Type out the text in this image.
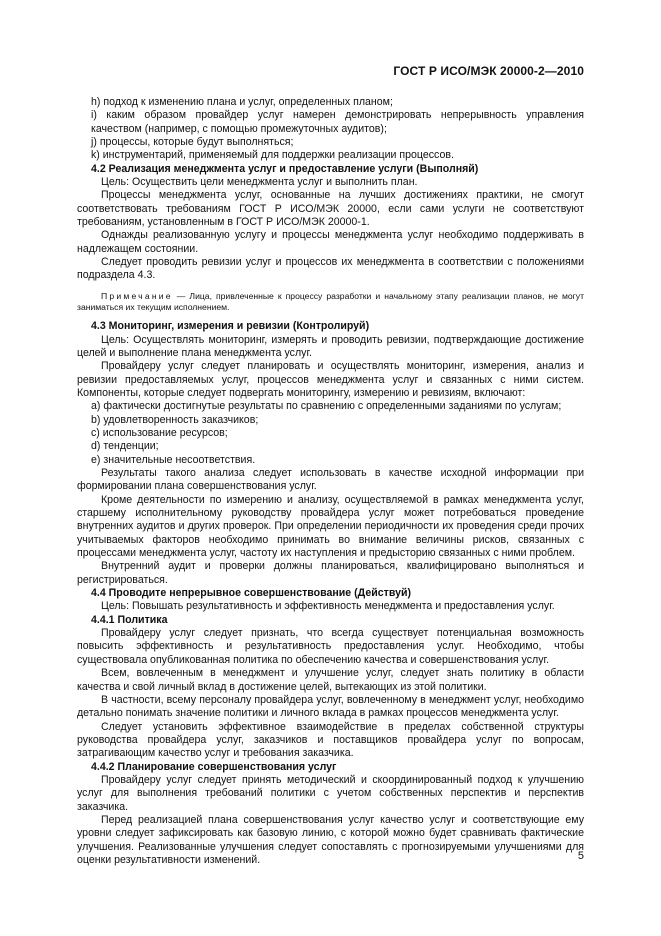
ГОСТ Р ИСО/МЭК 20000-2—2010

h) подход к изменению плана и услуг, определенных планом;

i) каким образом провайдер услуг намерен демонстрировать непрерывность управления качеством (например, с помощью промежуточных аудитов);

j) процессы, которые будут выполняться;

k) инструментарий, применяемый для поддержки реализации процессов.

4.2 Реализация менеджмента услуг и предоставление услуги (Выполняй)

Цель: Осуществить цели менеджмента услуг и выполнить план.

Процессы менеджмента услуг, основанные на лучших достижениях практики, не смогут соответствовать требованиям ГОСТ Р ИСО/МЭК 20000, если сами услуги не соответствуют требованиям, установленным в ГОСТ Р ИСО/МЭК 20000-1.

Однажды реализованную услугу и процессы менеджмента услуг необходимо поддерживать в надлежащем состоянии.

Следует проводить ревизии услуг и процессов их менеджмента в соответствии с положениями подраздела 4.3.

Примечание — Лица, привлеченные к процессу разработки и начальному этапу реализации планов, не могут заниматься их текущим исполнением.

4.3 Мониторинг, измерения и ревизии (Контролируй)

Цель: Осуществлять мониторинг, измерять и проводить ревизии, подтверждающие достижение целей и выполнение плана менеджмента услуг.

Провайдеру услуг следует планировать и осуществлять мониторинг, измерения, анализ и ревизии предоставляемых услуг, процессов менеджмента услуг и связанных с ними систем. Компоненты, которые следует подвергать мониторингу, измерению и ревизиям, включают:

a) фактически достигнутые результаты по сравнению с определенными заданиями по услугам;

b) удовлетворенность заказчиков;

c) использование ресурсов;

d) тенденции;

e) значительные несоответствия.

Результаты такого анализа следует использовать в качестве исходной информации при формировании плана совершенствования услуг.

Кроме деятельности по измерению и анализу, осуществляемой в рамках менеджмента услуг, старшему исполнительному руководству провайдера услуг может потребоваться проведение внутренних аудитов и других проверок. При определении периодичности их проведения среди прочих учитываемых факторов необходимо принимать во внимание величины рисков, связанных с процессами менеджмента услуг, частоту их наступления и предысторию связанных с ними проблем.

Внутренний аудит и проверки должны планироваться, квалифицировано выполняться и регистрироваться.

4.4 Проводите непрерывное совершенствование (Действуй)

Цель: Повышать результативность и эффективность менеджмента и предоставления услуг.

4.4.1 Политика

Провайдеру услуг следует признать, что всегда существует потенциальная возможность повысить эффективность и результативность предоставления услуг. Необходимо, чтобы существовала опубликованная политика по обеспечению качества и совершенствования услуг.

Всем, вовлеченным в менеджмент и улучшение услуг, следует знать политику в области качества и свой личный вклад в достижение целей, вытекающих из этой политики.

В частности, всему персоналу провайдера услуг, вовлеченному в менеджмент услуг, необходимо детально понимать значение политики и личного вклада в рамках процессов менеджмента услуг.

Следует установить эффективное взаимодействие в пределах собственной структуры руководства провайдера услуг, заказчиков и поставщиков провайдера услуг по вопросам, затрагивающим качество услуг и требования заказчика.

4.4.2 Планирование совершенствования услуг

Провайдеру услуг следует принять методический и скоординированный подход к улучшению услуг для выполнения требований политики с учетом собственных перспектив и перспектив заказчика.

Перед реализацией плана совершенствования услуг качество услуг и соответствующие ему уровни следует зафиксировать как базовую линию, с которой можно будет сравнивать фактические улучшения. Реализованные улучшения следует сопоставлять с прогнозируемыми улучшениями для оценки результативности изменений.	5
